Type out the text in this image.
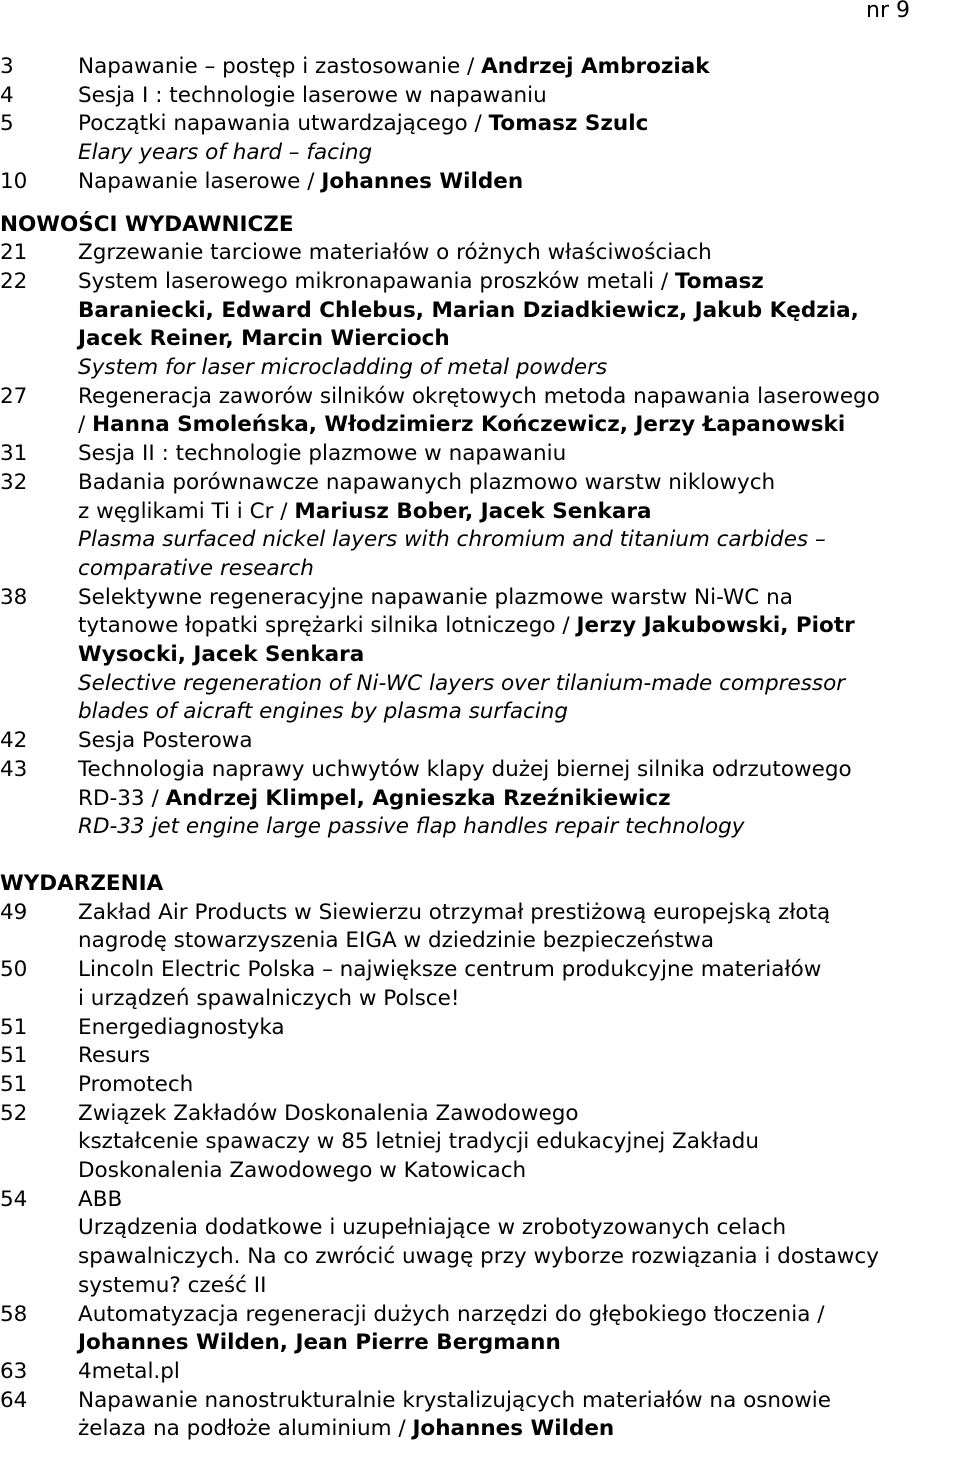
nr 9
3	Napawanie – postęp i zastosowanie / Andrzej Ambroziak
4	Sesja I : technologie laserowe w napawaniu
5	Początki napawania utwardzającego / Tomasz Szulc
Elary years of hard – facing
10	Napawanie laserowe / Johannes Wilden
NOWOŚCI WYDAWNICZE
21	Zgrzewanie tarciowe materiałów o różnych właściwościach
22	System laserowego mikronapawania proszków metali / Tomasz
Baraniecki, Edward Chlebus, Marian Dziadkiewicz, Jakub Kędzia,
Jacek Reiner, Marcin Wiercioch
System for laser microcladding of metal powders
27	Regeneracja zaworów silników okrętowych metoda napawania laserowego
/ Hanna Smoleńska, Włodzimierz Kończewicz, Jerzy Łapanowski
31	Sesja II : technologie plazmowe w napawaniu
32	Badania porównawcze napawanych plazmowo warstw niklowych
z węglikami Ti i Cr / Mariusz Bober, Jacek Senkara
Plasma surfaced nickel layers with chromium and titanium carbides –
comparative research
38	Selektywne regeneracyjne napawanie plazmowe warstw Ni-WC na
tytanowe łopatki sprężarki silnika lotniczego / Jerzy Jakubowski, Piotr
Wysocki, Jacek Senkara
Selective regeneration of Ni-WC layers over tilanium-made compressor
blades of aicraft engines by plasma surfacing
42	Sesja Posterowa
43	Technologia naprawy uchwytów klapy dużej biernej silnika odrzutowego
RD-33 / Andrzej Klimpel, Agnieszka Rzeźnikiewicz
RD-33 jet engine large passive flap handles repair technology
WYDARZENIA
49	Zakład Air Products w Siewierzu otrzymał prestiżową europejską złotą
nagrodę stowarzyszenia EIGA w dziedzinie bezpieczeństwa
50	Lincoln Electric Polska – największe centrum produkcyjne materiałów
i urządzeń spawalniczych w Polsce!
51	Energediagnostyka
51	Resurs
51	Promotech
52	Związek Zakładów Doskonalenia Zawodowego
kształcenie spawaczy w 85 letniej tradycji edukacyjnej Zakładu
Doskonalenia Zawodowego w Katowicach
54	ABB
Urządzenia dodatkowe i uzupełniające w zrobotyzowanych celach
spawalniczych. Na co zwrócić uwagę przy wyborze rozwiązania i dostawcy
systemu? cześć II
58	Automatyzacja regeneracji dużych narzędzi do głębokiego tłoczenia /
Johannes Wilden, Jean Pierre Bergmann
63	4metal.pl
64	Napawanie nanostrukturalnie krystalizujących materiałów na osnowie
żelaza na podłoże aluminium / Johannes Wilden
